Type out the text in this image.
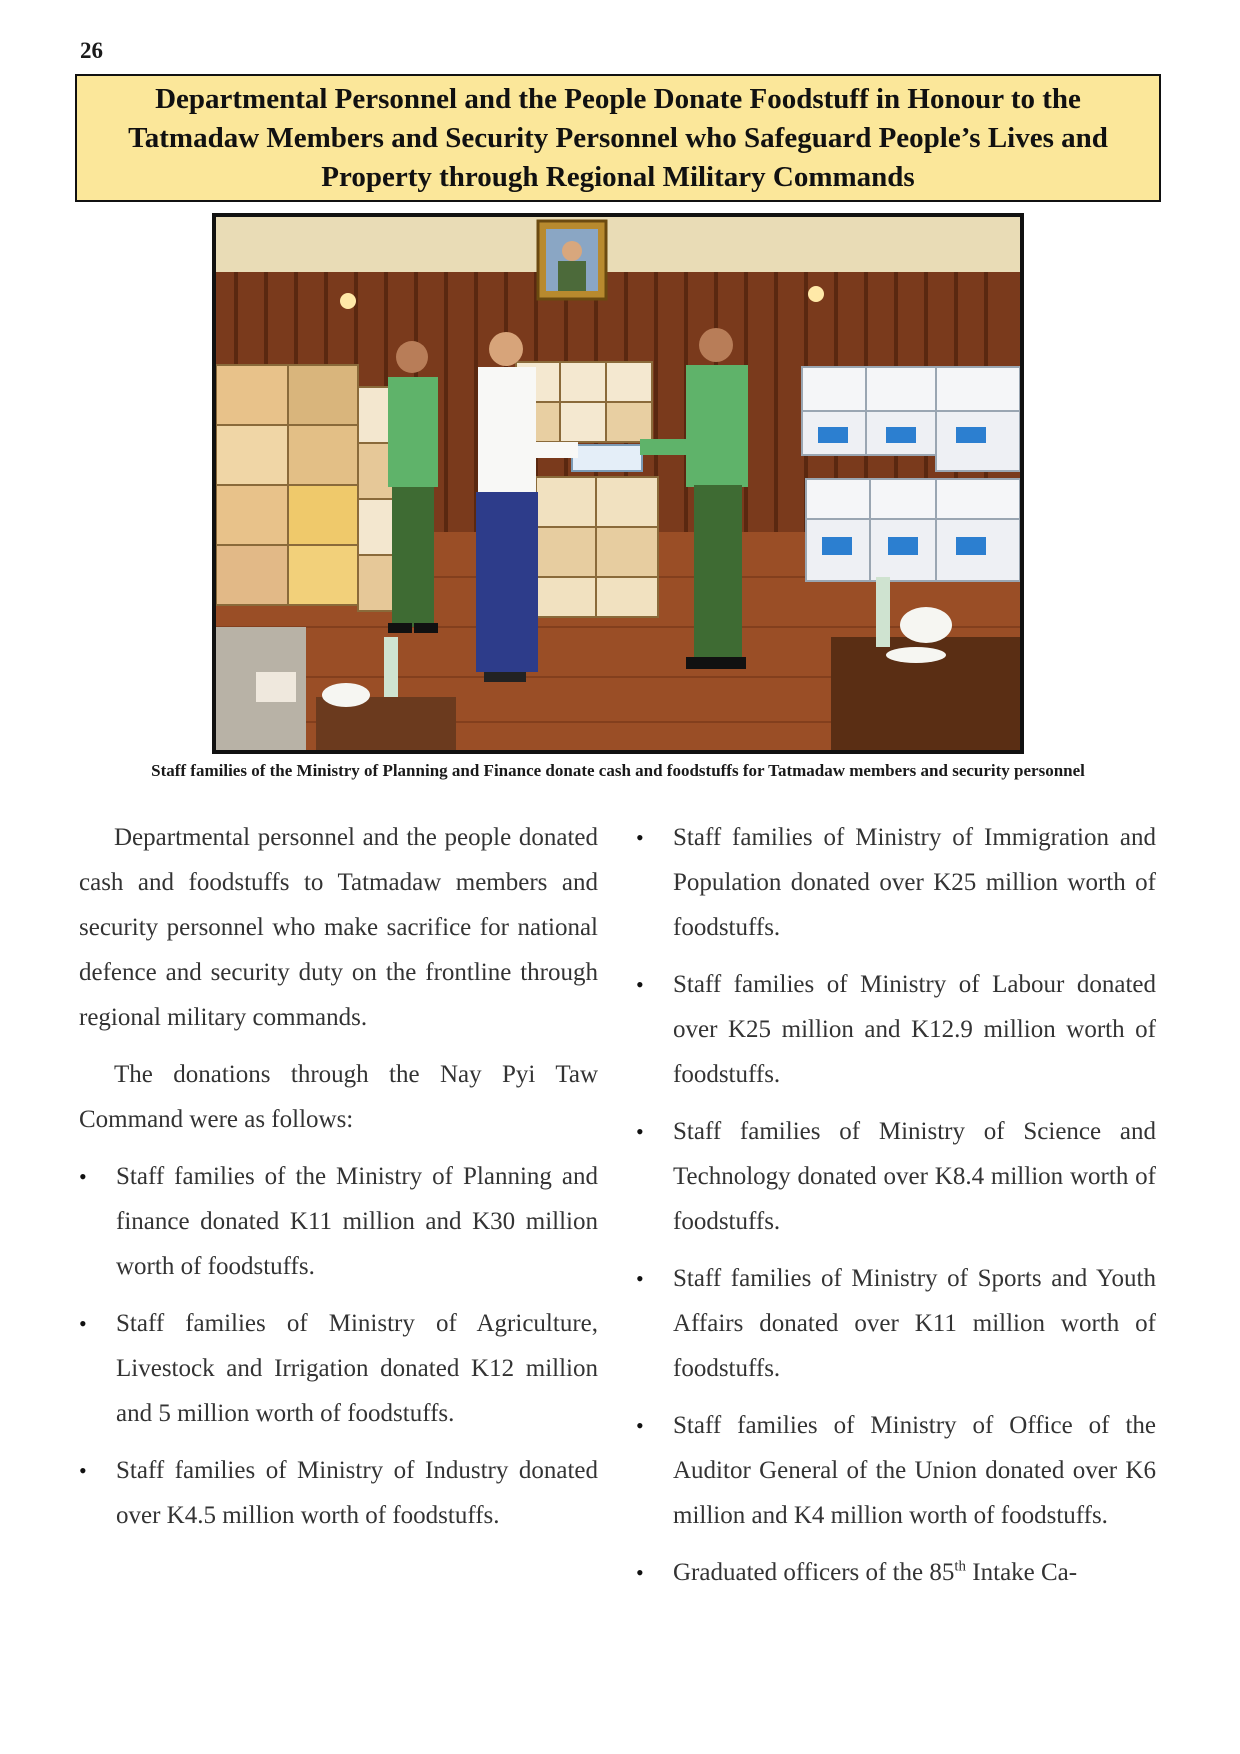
26
Departmental Personnel and the People Donate Foodstuff in Honour to the Tatmadaw Members and Security Personnel who Safeguard People’s Lives and Property through Regional Military Commands
Staff families of the Ministry of Planning and Finance donate cash and foodstuffs for Tatmadaw members and security personnel

Departmental personnel and the people donated cash and foodstuffs to Tatmadaw members and security personnel who make sacrifice for national defence and security duty on the frontline through regional military commands.

The donations through the Nay Pyi Taw Command were as follows:

• Staff families of the Ministry of Planning and finance donated K11 million and K30 million worth of foodstuffs.
• Staff families of Ministry of Agriculture, Livestock and Irrigation donated K12 million and 5 million worth of foodstuffs.
• Staff families of Ministry of Industry donated over K4.5 million worth of foodstuffs.
• Staff families of Ministry of Immigration and Population donated over K25 million worth of foodstuffs.
• Staff families of Ministry of Labour donated over K25 million and K12.9 million worth of foodstuffs.
• Staff families of Ministry of Science and Technology donated over K8.4 million worth of foodstuffs.
• Staff families of Ministry of Sports and Youth Affairs donated over K11 million worth of foodstuffs.
• Staff families of Ministry of Office of the Auditor General of the Union donated over K6 million and K4 million worth of foodstuffs.
• Graduated officers of the 85th Intake Ca-
